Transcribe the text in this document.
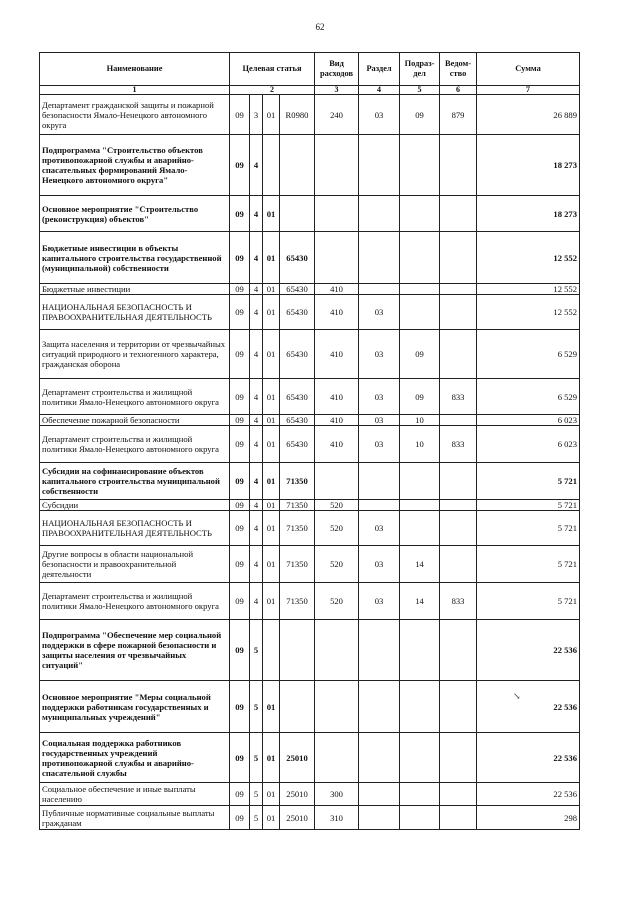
62
Наименование	Целевая статья				Вид расходов	Раздел	Подраз-дел	Ведом-ство	Сумма
1	2				3	4	5	6	7
Департамент гражданской защиты и пожарной безопасности Ямало-Ненецкого автономного округа	09	3	01	R0980	240	03	09	879	26 889
Подпрограмма "Строительство объектов противопожарной службы и аварийно-спасательных формирований Ямало-Ненецкого автономного округа"	09	4							18 273
Основное мероприятие "Строительство (реконструкция) объектов"	09	4	01						18 273
Бюджетные инвестиции в объекты капитального строительства государственной (муниципальной) собственности	09	4	01	65430					12 552
Бюджетные инвестиции	09	4	01	65430	410				12 552
НАЦИОНАЛЬНАЯ БЕЗОПАСНОСТЬ И ПРАВООХРАНИТЕЛЬНАЯ ДЕЯТЕЛЬНОСТЬ	09	4	01	65430	410	03			12 552
Защита населения и территории от чрезвычайных ситуаций природного и техногенного характера, гражданская оборона	09	4	01	65430	410	03	09		6 529
Департамент строительства и жилищной политики Ямало-Ненецкого автономного округа	09	4	01	65430	410	03	09	833	6 529
Обеспечение пожарной безопасности	09	4	01	65430	410	03	10		6 023
Департамент строительства и жилищной политики Ямало-Ненецкого автономного округа	09	4	01	65430	410	03	10	833	6 023
Субсидии на софинансирование объектов капитального строительства муниципальной собственности	09	4	01	71350					5 721
Субсидии	09	4	01	71350	520				5 721
НАЦИОНАЛЬНАЯ БЕЗОПАСНОСТЬ И ПРАВООХРАНИТЕЛЬНАЯ ДЕЯТЕЛЬНОСТЬ	09	4	01	71350	520	03			5 721
Другие вопросы в области национальной безопасности и правоохранительной деятельности	09	4	01	71350	520	03	14		5 721
Департамент строительства и жилищной политики Ямало-Ненецкого автономного округа	09	4	01	71350	520	03	14	833	5 721
Подпрограмма "Обеспечение мер социальной поддержки в сфере пожарной безопасности и защиты населения от чрезвычайных ситуаций"	09	5							22 536
Основное мероприятие "Меры социальной поддержки работникам государственных и муниципальных учреждений"	09	5	01						22 536
Социальная поддержка работников государственных учреждений противопожарной службы и аварийно-спасательной службы	09	5	01	25010					22 536
Социальное обеспечение и иные выплаты населению	09	5	01	25010	300				22 536
Публичные нормативные социальные выплаты гражданам	09	5	01	25010	310				298
↘
